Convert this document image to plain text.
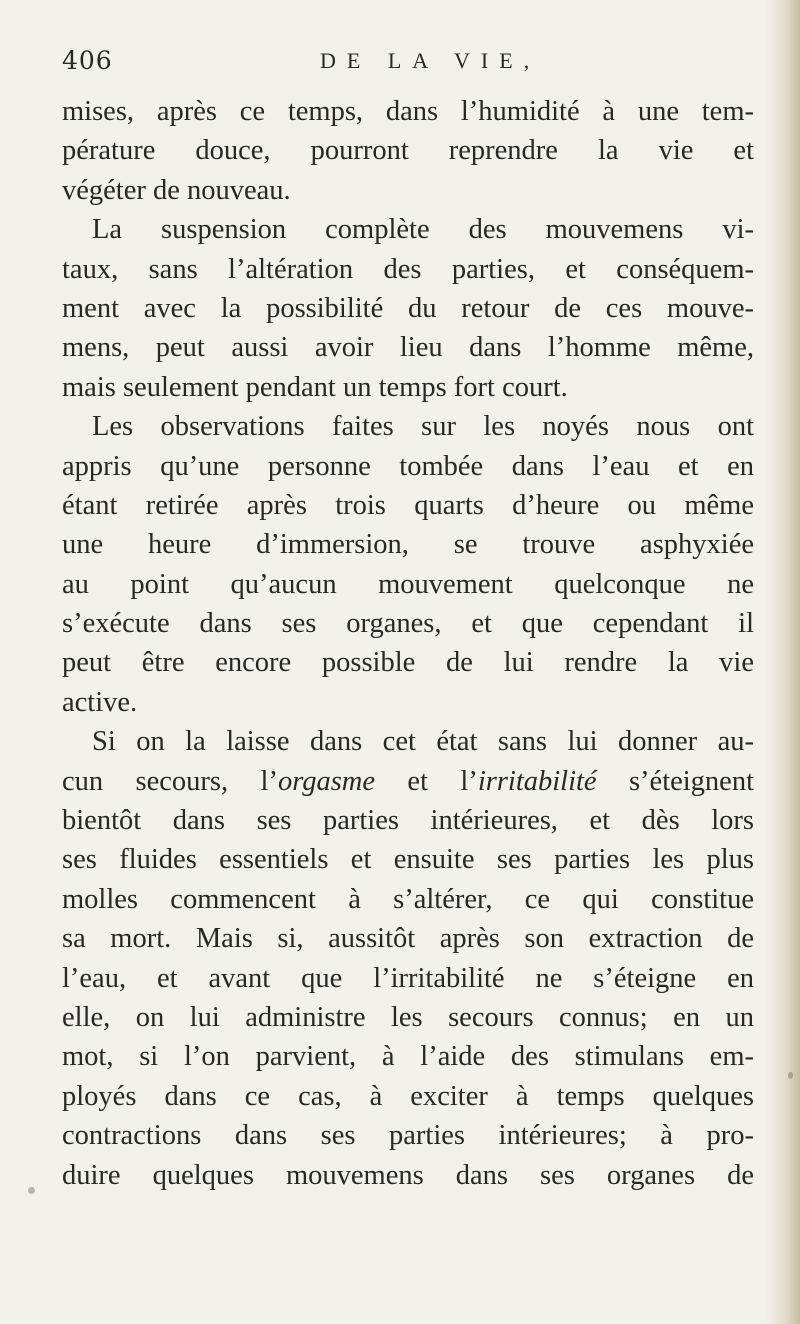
406	DE LA VIE,
mises, après ce temps, dans l’humidité à une tem-
pérature douce, pourront reprendre la vie et
végéter de nouveau.
La suspension complète des mouvemens vi-
taux, sans l’altération des parties, et conséquem-
ment avec la possibilité du retour de ces mouve-
mens, peut aussi avoir lieu dans l’homme même,
mais seulement pendant un temps fort court.
Les observations faites sur les noyés nous ont
appris qu’une personne tombée dans l’eau et en
étant retirée après trois quarts d’heure ou même
une heure d’immersion, se trouve asphyxiée
au point qu’aucun mouvement quelconque ne
s’exécute dans ses organes, et que cependant il
peut être encore possible de lui rendre la vie
active.
Si on la laisse dans cet état sans lui donner au-
cun secours, l’orgasme et l’irritabilité s’éteignent
bientôt dans ses parties intérieures, et dès lors
ses fluides essentiels et ensuite ses parties les plus
molles commencent à s’altérer, ce qui constitue
sa mort. Mais si, aussitôt après son extraction de
l’eau, et avant que l’irritabilité ne s’éteigne en
elle, on lui administre les secours connus; en un
mot, si l’on parvient, à l’aide des stimulans em-
ployés dans ce cas, à exciter à temps quelques
contractions dans ses parties intérieures; à pro-
duire quelques mouvemens dans ses organes de
